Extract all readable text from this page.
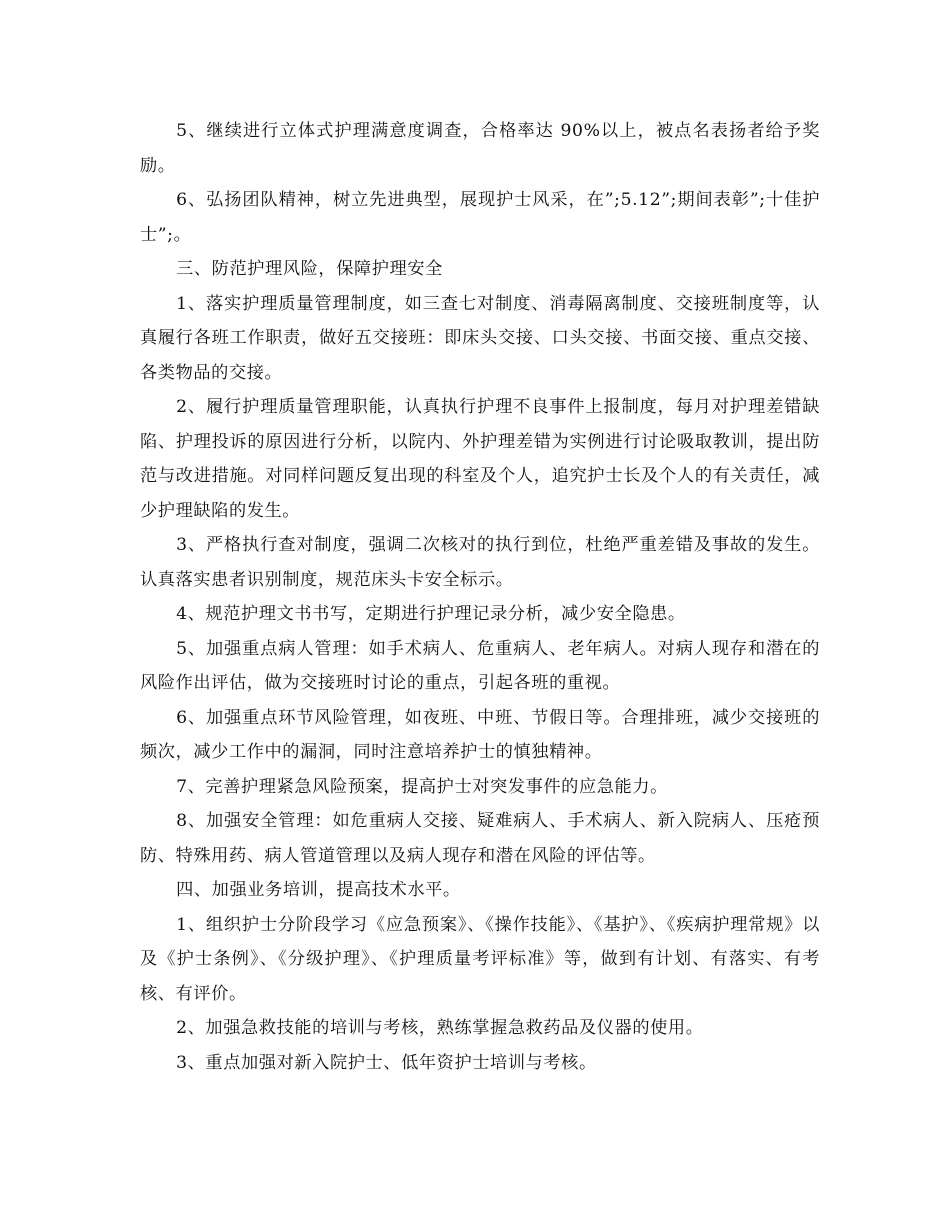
5、继续进行立体式护理满意度调查，合格率达 90%以上，被点名表扬者给予奖励。

6、弘扬团队精神，树立先进典型，展现护士风采，在”;5.12”;期间表彰”;十佳护士”;。

三、防范护理风险，保障护理安全

1、落实护理质量管理制度，如三查七对制度、消毒隔离制度、交接班制度等，认真履行各班工作职责，做好五交接班：即床头交接、口头交接、书面交接、重点交接、各类物品的交接。

2、履行护理质量管理职能，认真执行护理不良事件上报制度，每月对护理差错缺陷、护理投诉的原因进行分析，以院内、外护理差错为实例进行讨论吸取教训，提出防范与改进措施。对同样问题反复出现的科室及个人，追究护士长及个人的有关责任，减少护理缺陷的发生。

3、严格执行查对制度，强调二次核对的执行到位，杜绝严重差错及事故的发生。认真落实患者识别制度，规范床头卡安全标示。

4、规范护理文书书写，定期进行护理记录分析，减少安全隐患。

5、加强重点病人管理：如手术病人、危重病人、老年病人。对病人现存和潜在的风险作出评估，做为交接班时讨论的重点，引起各班的重视。

6、加强重点环节风险管理，如夜班、中班、节假日等。合理排班，减少交接班的频次，减少工作中的漏洞，同时注意培养护士的慎独精神。

7、完善护理紧急风险预案，提高护士对突发事件的应急能力。

8、加强安全管理：如危重病人交接、疑难病人、手术病人、新入院病人、压疮预防、特殊用药、病人管道管理以及病人现存和潜在风险的评估等。

四、加强业务培训，提高技术水平。

1、组织护士分阶段学习《应急预案》、《操作技能》、《基护》、《疾病护理常规》以及《护士条例》、《分级护理》、《护理质量考评标准》等，做到有计划、有落实、有考核、有评价。

2、加强急救技能的培训与考核，熟练掌握急救药品及仪器的使用。

3、重点加强对新入院护士、低年资护士培训与考核。
